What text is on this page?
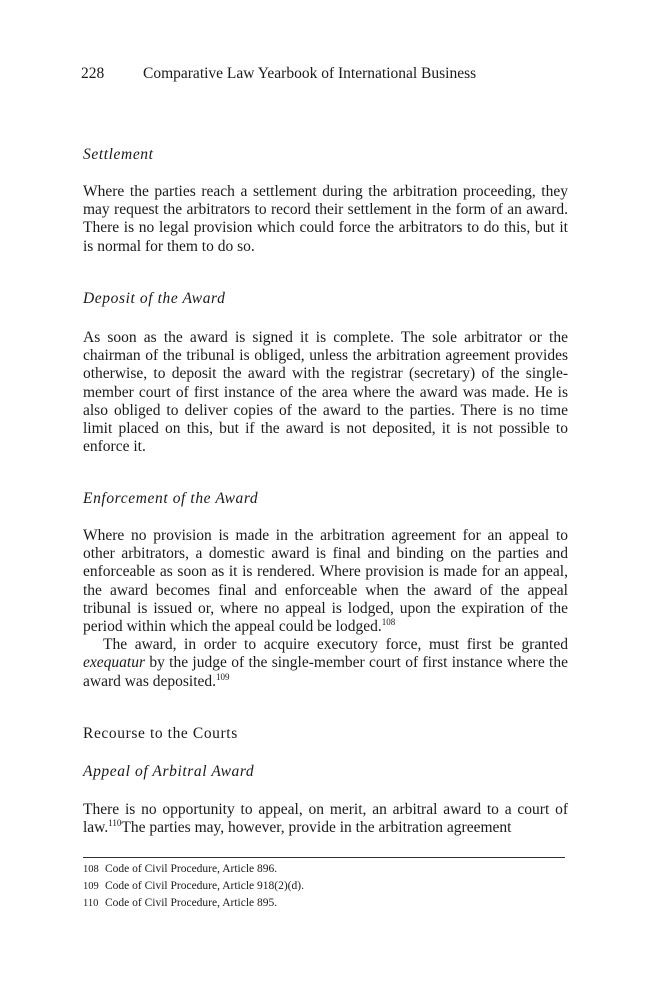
228	Comparative Law Yearbook of International Business

Settlement

Where the parties reach a settlement during the arbitration proceeding, they may request the arbitrators to record their settlement in the form of an award. There is no legal provision which could force the arbitrators to do this, but it is normal for them to do so.

Deposit of the Award

As soon as the award is signed it is complete. The sole arbitrator or the chairman of the tribunal is obliged, unless the arbitration agreement provides otherwise, to deposit the award with the registrar (secretary) of the single-member court of first instance of the area where the award was made. He is also obliged to deliver copies of the award to the parties. There is no time limit placed on this, but if the award is not deposited, it is not possible to enforce it.

Enforcement of the Award

Where no provision is made in the arbitration agreement for an appeal to other arbitrators, a domestic award is final and binding on the parties and enforceable as soon as it is rendered. Where provision is made for an appeal, the award becomes final and enforceable when the award of the appeal tribunal is issued or, where no appeal is lodged, upon the expiration of the period within which the appeal could be lodged.$^{108}$

The award, in order to acquire executory force, must first be granted exequatur by the judge of the single-member court of first instance where the award was deposited.$^{109}$

Recourse to the Courts

Appeal of Arbitral Award

There is no opportunity to appeal, on merit, an arbitral award to a court of law.$^{110}$The parties may, however, provide in the arbitration agreement

108 Code of Civil Procedure, Article 896.

109 Code of Civil Procedure, Article 918(2)(d).

110 Code of Civil Procedure, Article 895.
